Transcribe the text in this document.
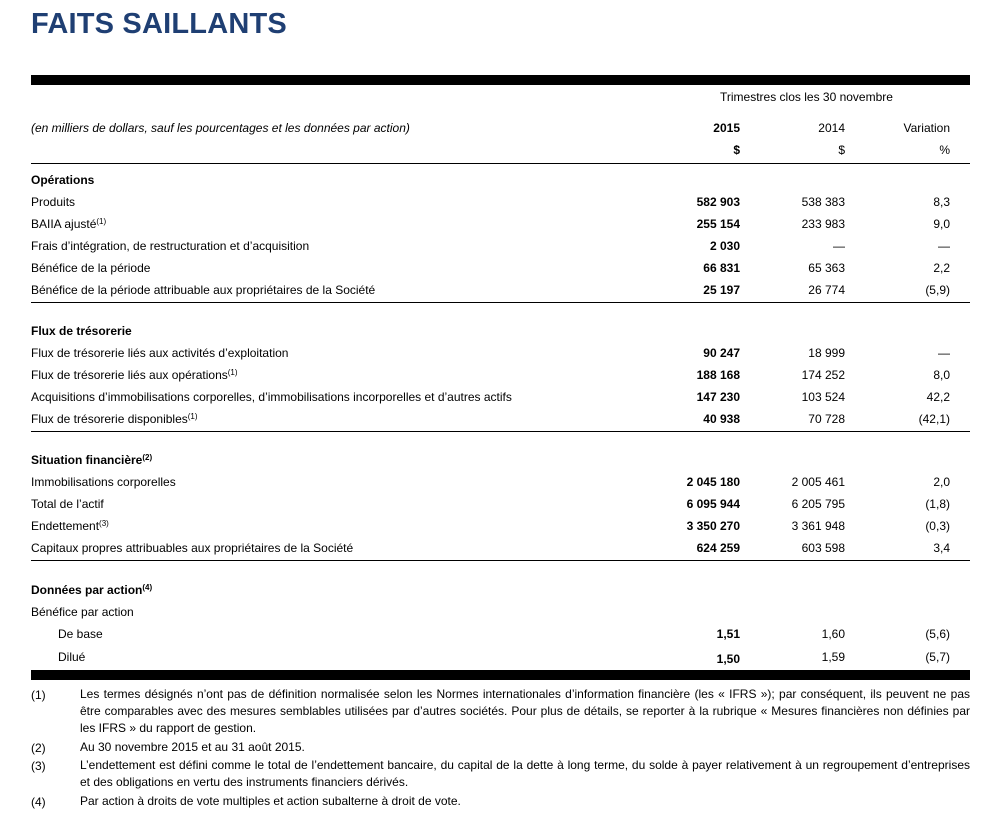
FAITS SAILLANTS
Trimestres clos les 30 novembre
(en milliers de dollars, sauf les pourcentages et les données par action)	2015	2014	Variation
$	$	%
Opérations
Produits	582 903	538 383	8,3
BAIIA ajusté$^{(1)}$	255 154	233 983	9,0
Frais d’intégration, de restructuration et d’acquisition	2 030	—	—
Bénéfice de la période	66 831	65 363	2,2
Bénéfice de la période attribuable aux propriétaires de la Société	25 197	26 774	(5,9)
Flux de trésorerie
Flux de trésorerie liés aux activités d’exploitation	90 247	18 999	—
Flux de trésorerie liés aux opérations$^{(1)}$	188 168	174 252	8,0
Acquisitions d’immobilisations corporelles, d’immobilisations incorporelles et d’autres actifs	147 230	103 524	42,2
Flux de trésorerie disponibles$^{(1)}$	40 938	70 728	(42,1)
Situation financière$^{(2)}$
Immobilisations corporelles	2 045 180	2 005 461	2,0
Total de l’actif	6 095 944	6 205 795	(1,8)
Endettement$^{(3)}$	3 350 270	3 361 948	(0,3)
Capitaux propres attribuables aux propriétaires de la Société	624 259	603 598	3,4
Données par action$^{(4)}$
Bénéfice par action
De base	1,51	1,60	(5,6)
Dilué	1,50	1,59	(5,7)
(1)	Les termes désignés n’ont pas de définition normalisée selon les Normes internationales d’information financière (les « IFRS »); par conséquent, ils peuvent ne pas être comparables avec des mesures semblables utilisées par d’autres sociétés. Pour plus de détails, se reporter à la rubrique « Mesures financières non définies par les IFRS » du rapport de gestion.
(2)	Au 30 novembre 2015 et au 31 août 2015.
(3)	L’endettement est défini comme le total de l’endettement bancaire, du capital de la dette à long terme, du solde à payer relativement à un regroupement d’entreprises et des obligations en vertu des instruments financiers dérivés.
(4)	Par action à droits de vote multiples et action subalterne à droit de vote.
